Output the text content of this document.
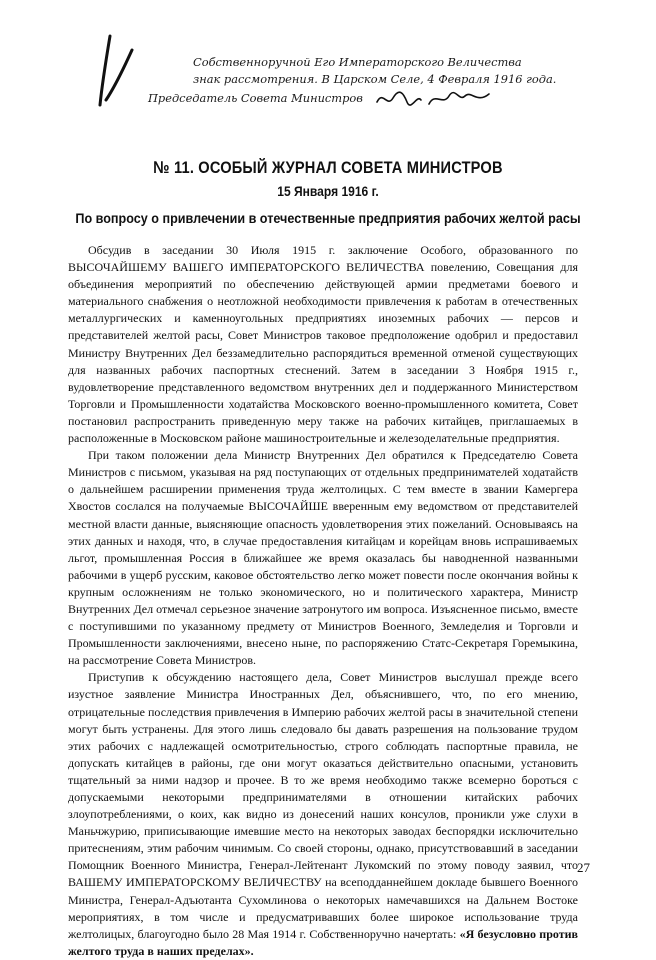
Собственноручной Его Императорского Величества
знак рассмотрения. В Царском Селе, 4 Февраля 1916 года.
Председатель Совета Министров
№ 11. ОСОБЫЙ ЖУРНАЛ СОВЕТА МИНИСТРОВ
15 Января 1916 г.
По вопросу о привлечении в отечественные предприятия рабочих желтой расы

Обсудив в заседании 30 Июля 1915 г. заключение Особого, образованного по ВЫСОЧАЙШЕМУ ВАШЕГО ИМПЕРАТОРСКОГО ВЕЛИЧЕСТВА повелению, Совещания для объединения мероприятий по обеспечению действующей армии предметами боевого и материального снабжения о неотложной необходимости привлечения к работам в отечественных металлургических и каменноугольных предприятиях иноземных рабочих — персов и представителей желтой расы, Совет Министров таковое предположение одобрил и предоставил Министру Внутренних Дел беззамедлительно распорядиться временной отменой существующих для названных рабочих паспортных стеснений. Затем в заседании 3 Ноября 1915 г., вудовлетворение представленного ведомством внутренних дел и поддержанного Министерством Торговли и Промышленности ходатайства Московского военно-промышленного комитета, Совет постановил распространить приведенную меру также на рабочих китайцев, приглашаемых в расположенные в Московском районе машиностроительные и железоделательные предприятия.

При таком положении дела Министр Внутренних Дел обратился к Председателю Совета Министров с письмом, указывая на ряд поступающих от отдельных предпринимателей ходатайств о дальнейшем расширении применения труда желтолицых. С тем вместе в звании Камергера Хвостов сослался на получаемые ВЫСОЧАЙШЕ вверенным ему ведомством от представителей местной власти данные, выясняющие опасность удовлетворения этих пожеланий. Основываясь на этих данных и находя, что, в случае предоставления китайцам и корейцам вновь испрашиваемых льгот, промышленная Россия в ближайшее же время оказалась бы наводненной названными рабочими в ущерб русским, каковое обстоятельство легко может повести после окончания войны к крупным осложнениям не только экономического, но и политического характера, Министр Внутренних Дел отмечал серьезное значение затронутого им вопроса. Изъясненное письмо, вместе с поступившими по указанному предмету от Министров Военного, Земледелия и Торговли и Промышленности заключениями, внесено ныне, по распоряжению Статс-Секретаря Горемыкина, на рассмотрение Совета Министров.

Приступив к обсуждению настоящего дела, Совет Министров выслушал прежде всего изустное заявление Министра Иностранных Дел, объяснившего, что, по его мнению, отрицательные последствия привлечения в Империю рабочих желтой расы в значительной степени могут быть устранены. Для этого лишь следовало бы давать разрешения на пользование трудом этих рабочих с надлежащей осмотрительностью, строго соблюдать паспортные правила, не допускать китайцев в районы, где они могут оказаться действительно опасными, установить тщательный за ними надзор и прочее. В то же время необходимо также всемерно бороться с допускаемыми некоторыми предпринимателями в отношении китайских рабочих злоупотреблениями, о коих, как видно из донесений наших консулов, проникли уже слухи в Маньчжурию, приписывающие имевшие место на некоторых заводах беспорядки исключительно притеснениям, этим рабочим чинимым. Со своей стороны, однако, присутствовавший в заседании Помощник Военного Министра, Генерал-Лейтенант Лукомский по этому поводу заявил, что ВАШЕМУ ИМПЕРАТОРСКОМУ ВЕЛИЧЕСТВУ на всеподданнейшем докладе бывшего Военного Министра, Генерал-Адъютанта Сухомлинова о некоторых намечавшихся на Дальнем Востоке мероприятиях, в том числе и предусматривавших более широкое использование труда желтолицых, благоугодно было 28 Мая 1914 г. Собственноручно начертать: «Я безусловно против желтого труда в наших пределах».

27
